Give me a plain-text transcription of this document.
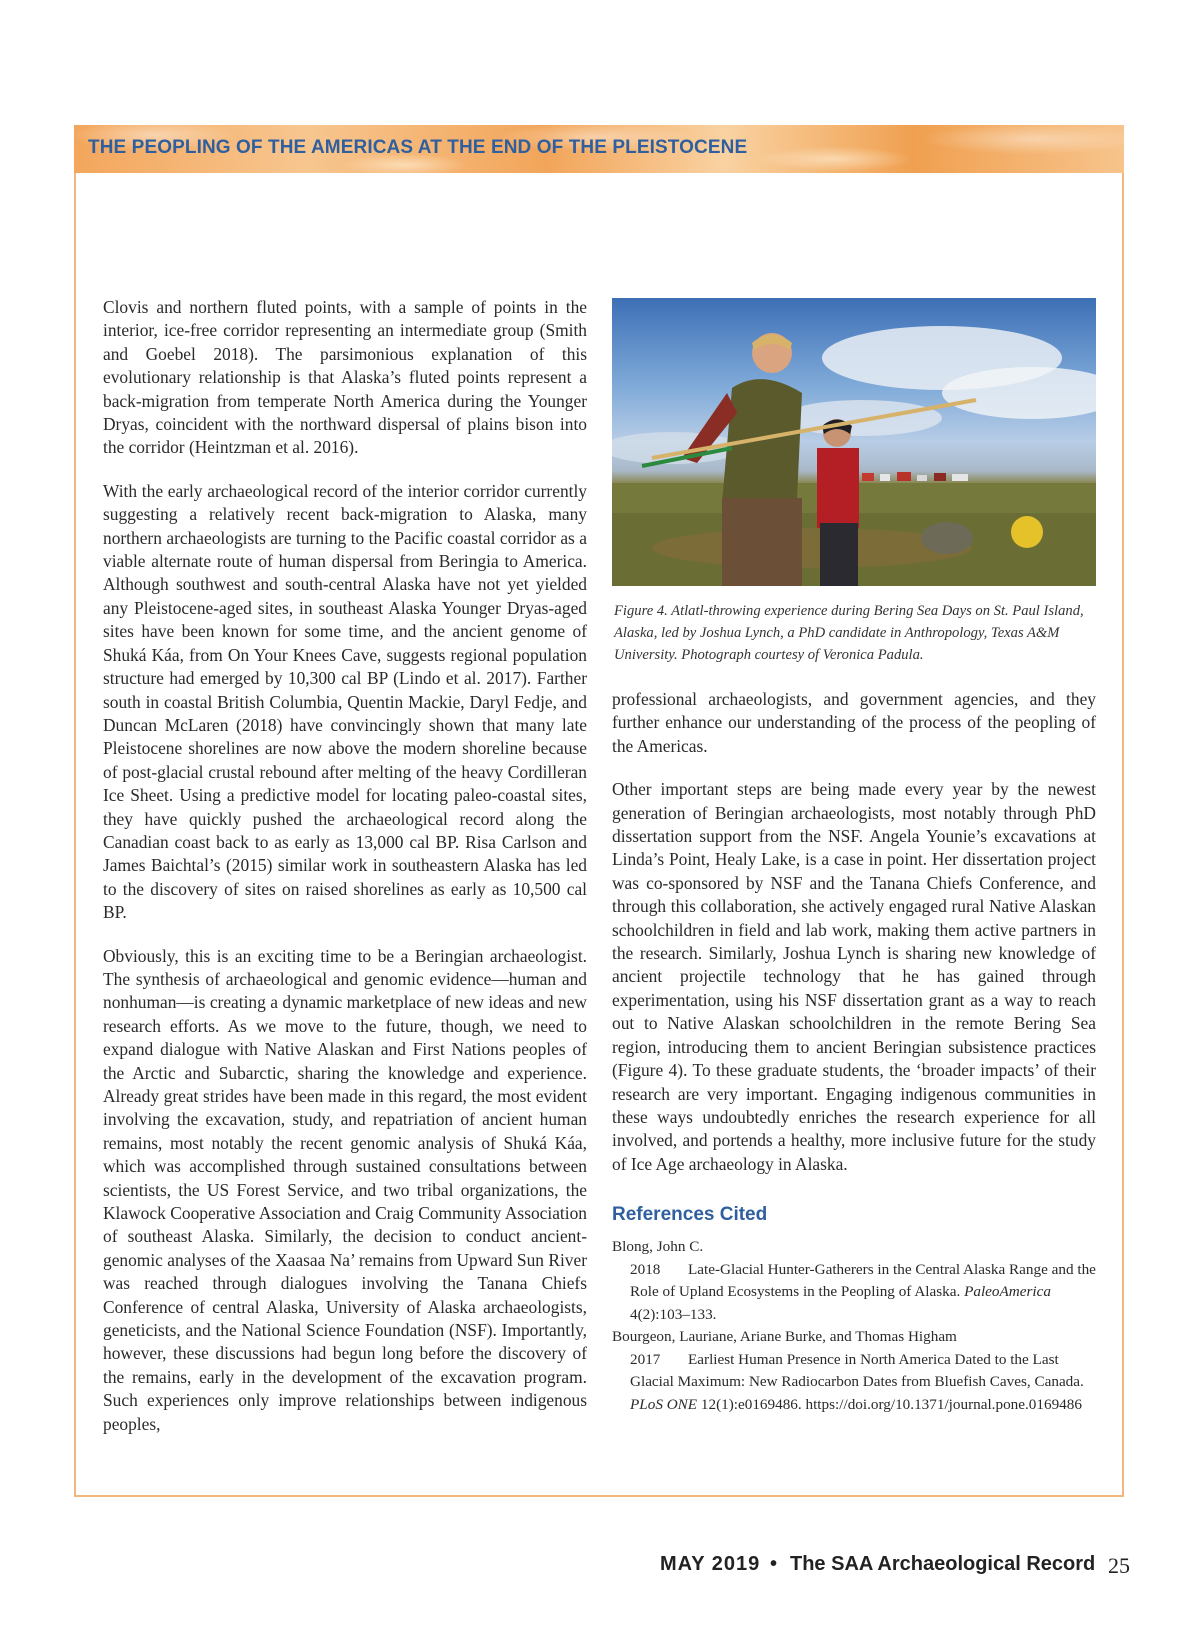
THE PEOPLING OF THE AMERICAS AT THE END OF THE PLEISTOCENE

Clovis and northern fluted points, with a sample of points in the interior, ice-free corridor representing an intermediate group (Smith and Goebel 2018). The parsimonious explanation of this evolutionary relationship is that Alaska’s fluted points represent a back-migration from temperate North America during the Younger Dryas, coincident with the northward dispersal of plains bison into the corridor (Heintzman et al. 2016).

With the early archaeological record of the interior corridor currently suggesting a relatively recent back-migration to Alaska, many northern archaeologists are turning to the Pacific coastal corridor as a viable alternate route of human dispersal from Beringia to America. Although southwest and south-central Alaska have not yet yielded any Pleistocene-aged sites, in southeast Alaska Younger Dryas-aged sites have been known for some time, and the ancient genome of Shuká Káa, from On Your Knees Cave, suggests regional population structure had emerged by 10,300 cal BP (Lindo et al. 2017). Farther south in coastal British Columbia, Quentin Mackie, Daryl Fedje, and Duncan McLaren (2018) have convincingly shown that many late Pleistocene shorelines are now above the modern shoreline because of post-glacial crustal rebound after melting of the heavy Cordilleran Ice Sheet. Using a predictive model for locating paleo-coastal sites, they have quickly pushed the archaeological record along the Canadian coast back to as early as 13,000 cal BP. Risa Carlson and James Baichtal’s (2015) similar work in southeastern Alaska has led to the discovery of sites on raised shorelines as early as 10,500 cal BP.

Obviously, this is an exciting time to be a Beringian archaeologist. The synthesis of archaeological and genomic evidence—human and nonhuman—is creating a dynamic marketplace of new ideas and new research efforts. As we move to the future, though, we need to expand dialogue with Native Alaskan and First Nations peoples of the Arctic and Subarctic, sharing the knowledge and experience. Already great strides have been made in this regard, the most evident involving the excavation, study, and repatriation of ancient human remains, most notably the recent genomic analysis of Shuká Káa, which was accomplished through sustained consultations between scientists, the US Forest Service, and two tribal organizations, the Klawock Cooperative Association and Craig Community Association of southeast Alaska. Similarly, the decision to conduct ancient-genomic analyses of the Xaasaa Na’ remains from Upward Sun River was reached through dialogues involving the Tanana Chiefs Conference of central Alaska, University of Alaska archaeologists, geneticists, and the National Science Foundation (NSF). Importantly, however, these discussions had begun long before the discovery of the remains, early in the development of the excavation program. Such experiences only improve relationships between indigenous peoples,

Figure 4. Atlatl-throwing experience during Bering Sea Days on St. Paul Island, Alaska, led by Joshua Lynch, a PhD candidate in Anthropology, Texas A&M University. Photograph courtesy of Veronica Padula.

professional archaeologists, and government agencies, and they further enhance our understanding of the process of the peopling of the Americas.

Other important steps are being made every year by the newest generation of Beringian archaeologists, most notably through PhD dissertation support from the NSF. Angela Younie’s excavations at Linda’s Point, Healy Lake, is a case in point. Her dissertation project was co-sponsored by NSF and the Tanana Chiefs Conference, and through this collaboration, she actively engaged rural Native Alaskan schoolchildren in field and lab work, making them active partners in the research. Similarly, Joshua Lynch is sharing new knowledge of ancient projectile technology that he has gained through experimentation, using his NSF dissertation grant as a way to reach out to Native Alaskan schoolchildren in the remote Bering Sea region, introducing them to ancient Beringian subsistence practices (Figure 4). To these graduate students, the ‘broader impacts’ of their research are very important. Engaging indigenous communities in these ways undoubtedly enriches the research experience for all involved, and portends a healthy, more inclusive future for the study of Ice Age archaeology in Alaska.

References Cited
Blong, John C.
2018 Late-Glacial Hunter-Gatherers in the Central Alaska Range and the Role of Upland Ecosystems in the Peopling of Alaska. PaleoAmerica 4(2):103–133.
Bourgeon, Lauriane, Ariane Burke, and Thomas Higham
2017 Earliest Human Presence in North America Dated to the Last Glacial Maximum: New Radiocarbon Dates from Bluefish Caves, Canada. PLoS ONE 12(1):e0169486. https://doi.org/10.1371/journal.pone.0169486
MAY 2019 • The SAA Archaeological Record 25
